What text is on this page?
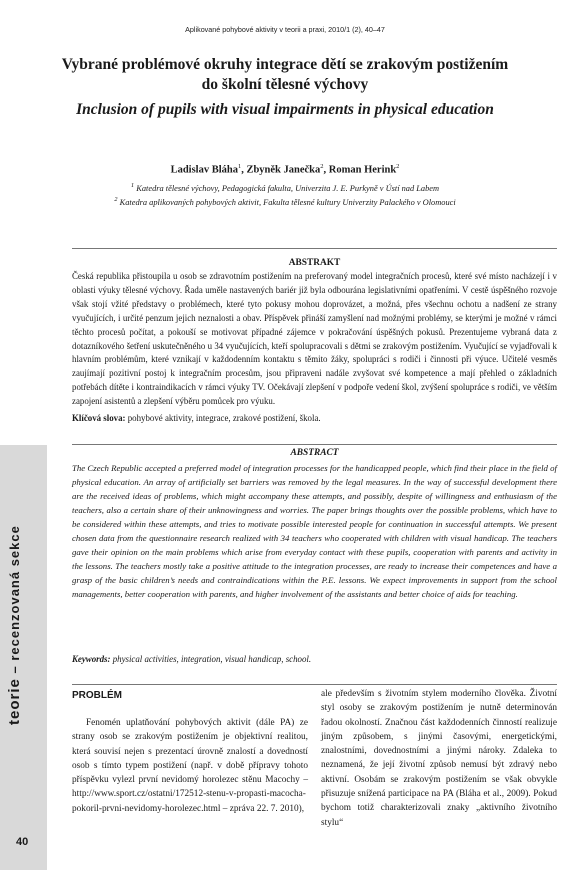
Aplikované pohybové aktivity v teorii a praxi, 2010/1 (2), 40–47
teorie – recenzovaná sekce
40
Vybrané problémové okruhy integrace dětí se zrakovým postižením do školní tělesné výchovy
Inclusion of pupils with visual impairments in physical education
Ladislav Bláha$^1$, Zbyněk Janečka$^2$, Roman Herink$^2$
$^1$ Katedra tělesné výchovy, Pedagogická fakulta, Univerzita J. E. Purkyně v Ústí nad Labem
$^2$ Katedra aplikovaných pohybových aktivit, Fakulta tělesné kultury Univerzity Palackého v Olomouci
ABSTRAKT

Česká republika přistoupila u osob se zdravotním postižením na preferovaný model integračních procesů, které své místo nacházejí i v oblasti výuky tělesné výchovy. Řada uměle nastavených bariér již byla odbourána legislativními opatřeními. V cestě úspěšného rozvoje však stojí vžité představy o problémech, které tyto pokusy mohou doprovázet, a možná, přes všechnu ochotu a nadšení ze strany vyučujících, i určité penzum jejich neznalosti a obav. Příspěvek přináší zamyšlení nad možnými problémy, se kterými je možné v rámci těchto procesů počítat, a pokouší se motivovat případné zájemce v pokračování úspěšných pokusů. Prezentujeme vybraná data z dotazníkového šetření uskutečněného u 34 vyučujících, kteří spolupracovali s dětmi se zrakovým postižením. Vyučující se vyjadřovali k hlavním problémům, které vznikají v každodenním kontaktu s těmito žáky, spolupráci s rodiči i činnosti při výuce. Učitelé vesměs zaujímají pozitivní postoj k integračním procesům, jsou připraveni nadále zvyšovat své kompetence a mají přehled o základních potřebách dítěte i kontraindikacích v rámci výuky TV. Očekávají zlepšení v podpoře vedení škol, zvýšení spolupráce s rodiči, ve větším zapojení asistentů a zlepšení výběru pomůcek pro výuku.

Klíčová slova: pohybové aktivity, integrace, zrakové postižení, škola.

ABSTRACT

The Czech Republic accepted a preferred model of integration processes for the handicapped people, which find their place in the field of physical education. An array of artificially set barriers was removed by the legal measures. In the way of successful development there are the received ideas of problems, which might accompany these attempts, and possibly, despite of willingness and enthusiasm of the teachers, also a certain share of their unknowingness and worries. The paper brings thoughts over the possible problems, which have to be considered within these attempts, and tries to motivate possible interested people for continuation in successful attempts. We present chosen data from the questionnaire research realized with 34 teachers who cooperated with children with visual handicap. The teachers gave their opinion on the main problems which arise from everyday contact with these pupils, cooperation with parents and activity in the lessons. The teachers mostly take a positive attitude to the integration processes, are ready to increase their competences and have a grasp of the basic children’s needs and contraindications within the P.E. lessons. We expect improvements in support from the school managements, better cooperation with parents, and higher involvement of the assistants and better choice of aids for teaching.

Keywords: physical activities, integration, visual handicap, school.

PROBLÉM

Fenomén uplatňování pohybových aktivit (dále PA) ze strany osob se zrakovým postižením je objektivní realitou, která souvisí nejen s prezentací úrovně znalostí a dovedností osob s tímto typem postižení (např. v době přípravy tohoto příspěvku vylezl první nevidomý horolezec stěnu Macochy – http://www.sport.cz/ostatni/172512-stenu-v-propasti-macocha-pokoril-prvni-nevidomy-horolezec.html – zpráva 22. 7. 2010),

ale především s životním stylem moderního člověka. Životní styl osoby se zrakovým postižením je nutně determinován řadou okolností. Značnou část každodenních činností realizuje jiným způsobem, s jinými časovými, energetickými, znalostními, dovednostními a jinými nároky. Zdaleka to neznamená, že její životní způsob nemusí být zdravý nebo aktivní. Osobám se zrakovým postižením se však obvykle přisuzuje snížená participace na PA (Bláha et al., 2009). Pokud bychom totiž charakterizovali znaky „aktivního životního stylu“
